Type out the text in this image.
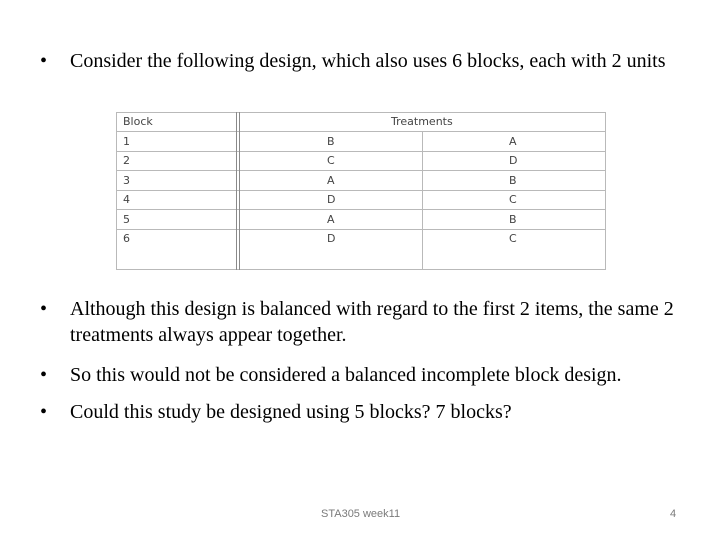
• Consider the following design, which also uses 6 blocks, each with 2 units
Block	Treatments
1	B	A
2	C	D
3	A	B
4	D	C
5	A	B
6	D	C
• Although this design is balanced with regard to the first 2 items, the same 2 treatments always appear together.
• So this would not be considered a balanced incomplete block design.
• Could this study be designed using 5 blocks? 7 blocks?
STA305 week11	4
